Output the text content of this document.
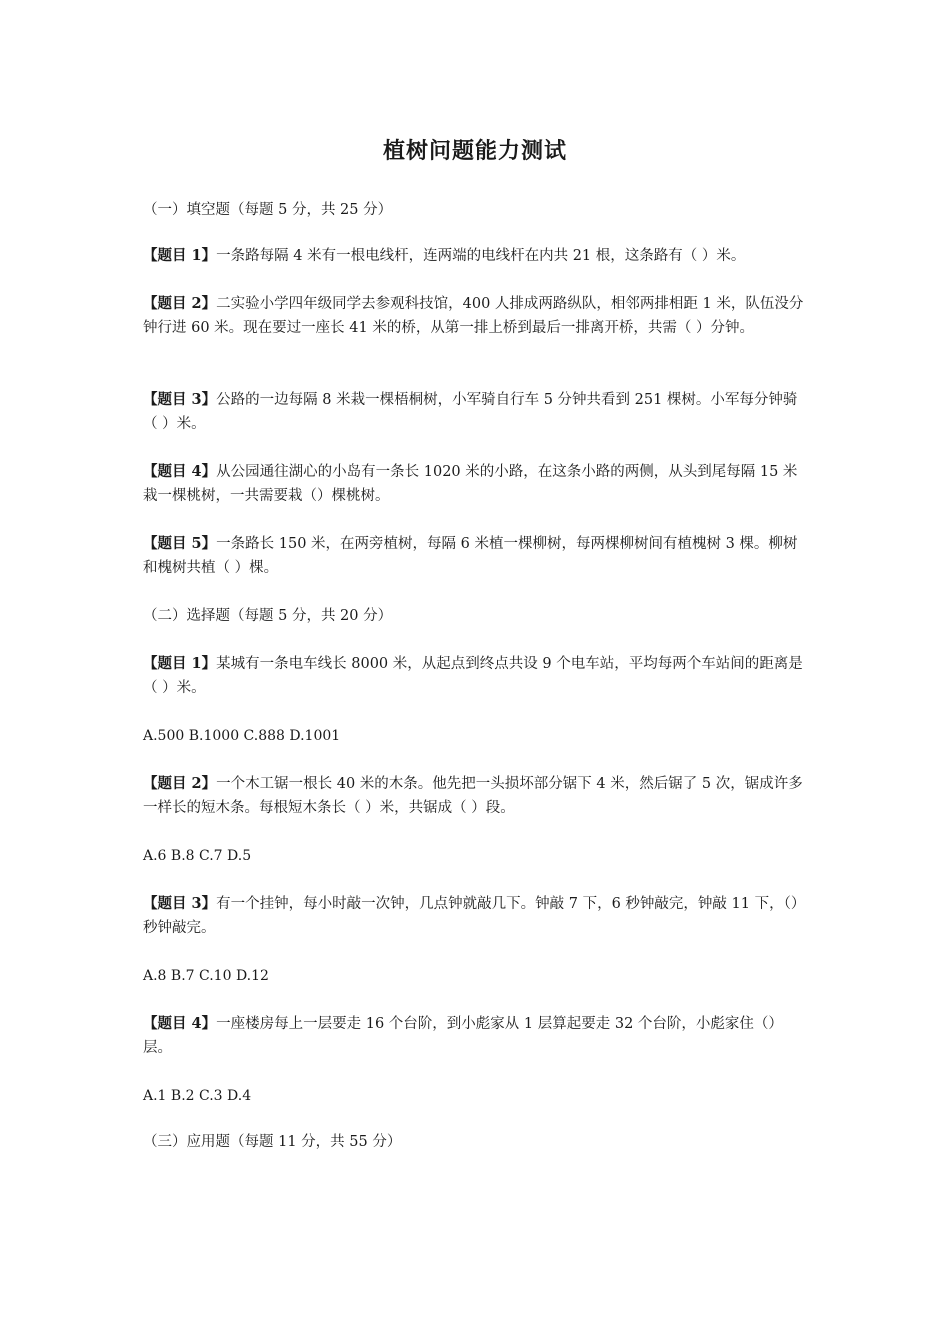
植树问题能力测试

（一）填空题（每题 5 分，共 25 分）

【题目 1】一条路每隔 4 米有一根电线杆，连两端的电线杆在内共 21 根，这条路有（ ）米。

【题目 2】二实验小学四年级同学去参观科技馆，400 人排成两路纵队，相邻两排相距 1 米，队伍没分钟行进 60 米。现在要过一座长 41 米的桥，从第一排上桥到最后一排离开桥，共需（ ）分钟。

【题目 3】公路的一边每隔 8 米栽一棵梧桐树，小军骑自行车 5 分钟共看到 251 棵树。小军每分钟骑（ ）米。

【题目 4】从公园通往湖心的小岛有一条长 1020 米的小路，在这条小路的两侧，从头到尾每隔 15 米栽一棵桃树，一共需要栽（）棵桃树。

【题目 5】一条路长 150 米，在两旁植树，每隔 6 米植一棵柳树，每两棵柳树间有植槐树 3 棵。柳树和槐树共植（ ）棵。

（二）选择题（每题 5 分，共 20 分）

【题目 1】某城有一条电车线长 8000 米，从起点到终点共设 9 个电车站，平均每两个车站间的距离是（ ）米。

A.500 B.1000 C.888 D.1001

【题目 2】一个木工锯一根长 40 米的木条。他先把一头损坏部分锯下 4 米，然后锯了 5 次，锯成许多一样长的短木条。每根短木条长（ ）米，共锯成（ ）段。

A.6 B.8 C.7 D.5

【题目 3】有一个挂钟，每小时敲一次钟，几点钟就敲几下。钟敲 7 下，6 秒钟敲完，钟敲 11 下，（）秒钟敲完。

A.8 B.7 C.10 D.12

【题目 4】一座楼房每上一层要走 16 个台阶，到小彪家从 1 层算起要走 32 个台阶，小彪家住（）层。

A.1 B.2 C.3 D.4

（三）应用题（每题 11 分，共 55 分）
